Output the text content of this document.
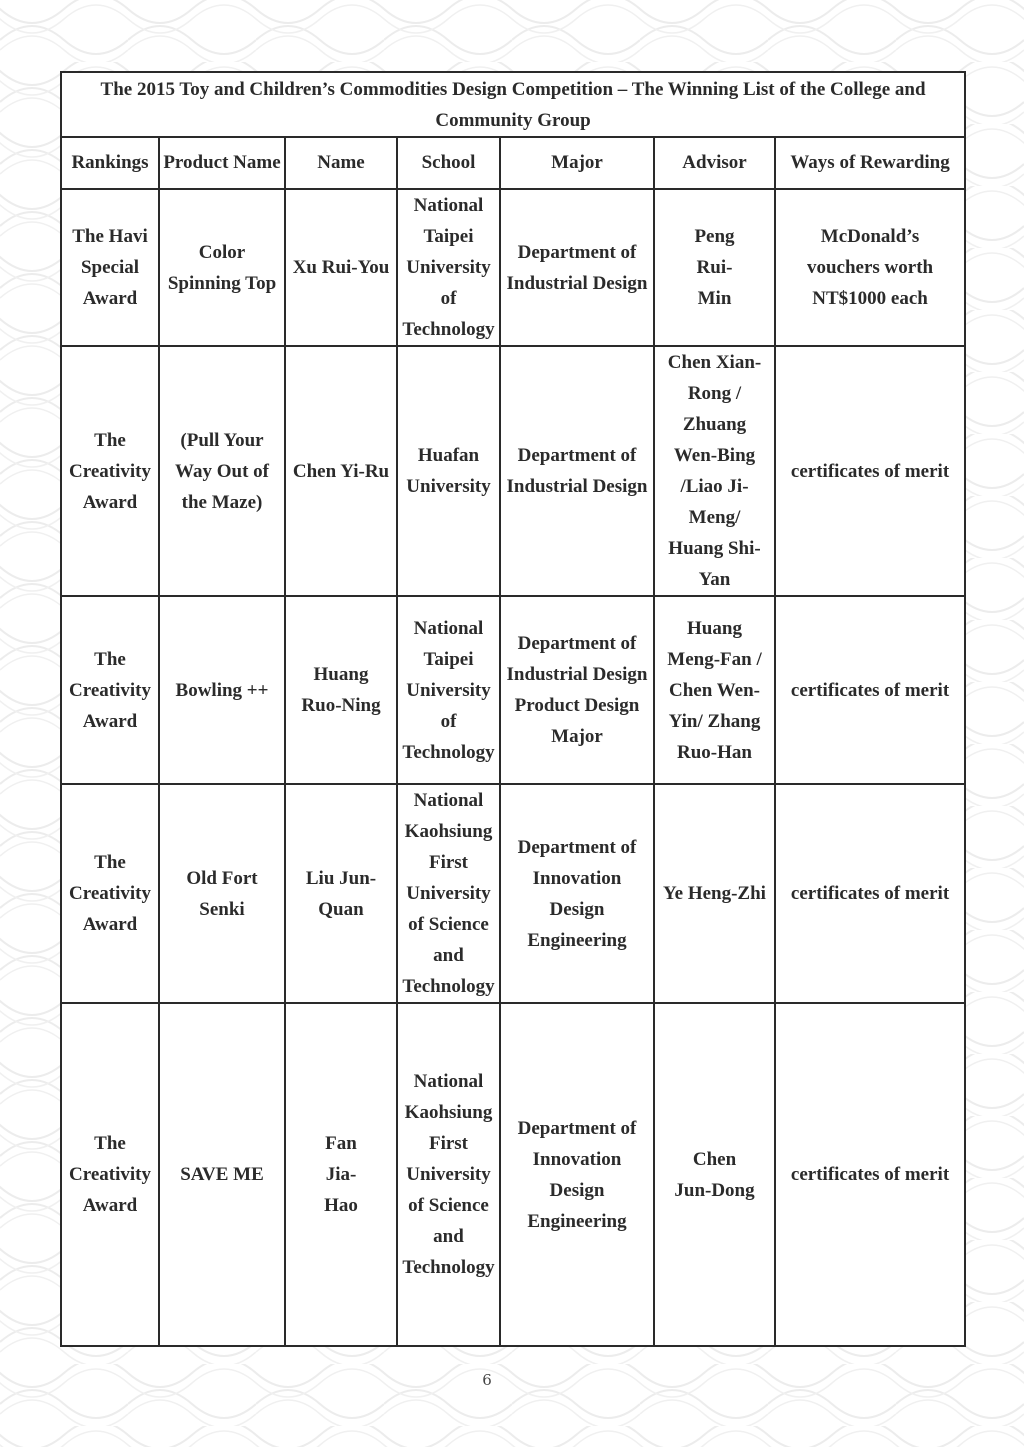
The 2015 Toy and Children’s Commodities Design Competition – The Winning List of the College and Community Group						
Rankings	Product Name	Name	School	Major	Advisor	Ways of Rewarding
The Havi Special Award	Color Spinning Top	Xu Rui-You	National Taipei University of Technology	Department of Industrial Design	Peng Rui-Min	McDonald’s vouchers worth NT$1000 each
The Creativity Award	(Pull Your Way Out of the Maze)	Chen Yi-Ru	Huafan University	Department of Industrial Design	Chen Xian-Rong / Zhuang Wen-Bing /Liao Ji-Meng/ Huang Shi-Yan	certificates of merit
The Creativity Award	Bowling ++	Huang Ruo-Ning	National Taipei University of Technology	Department of Industrial Design Product Design Major	Huang Meng-Fan / Chen Wen-Yin/ Zhang Ruo-Han	certificates of merit
The Creativity Award	Old Fort Senki	Liu Jun-Quan	National Kaohsiung First University of Science and Technology	Department of Innovation Design Engineering	Ye Heng-Zhi	certificates of merit
The Creativity Award	SAVE ME	Fan Jia-Hao	National Kaohsiung First University of Science and Technology	Department of Innovation Design Engineering	Chen Jun-Dong	certificates of merit
6
